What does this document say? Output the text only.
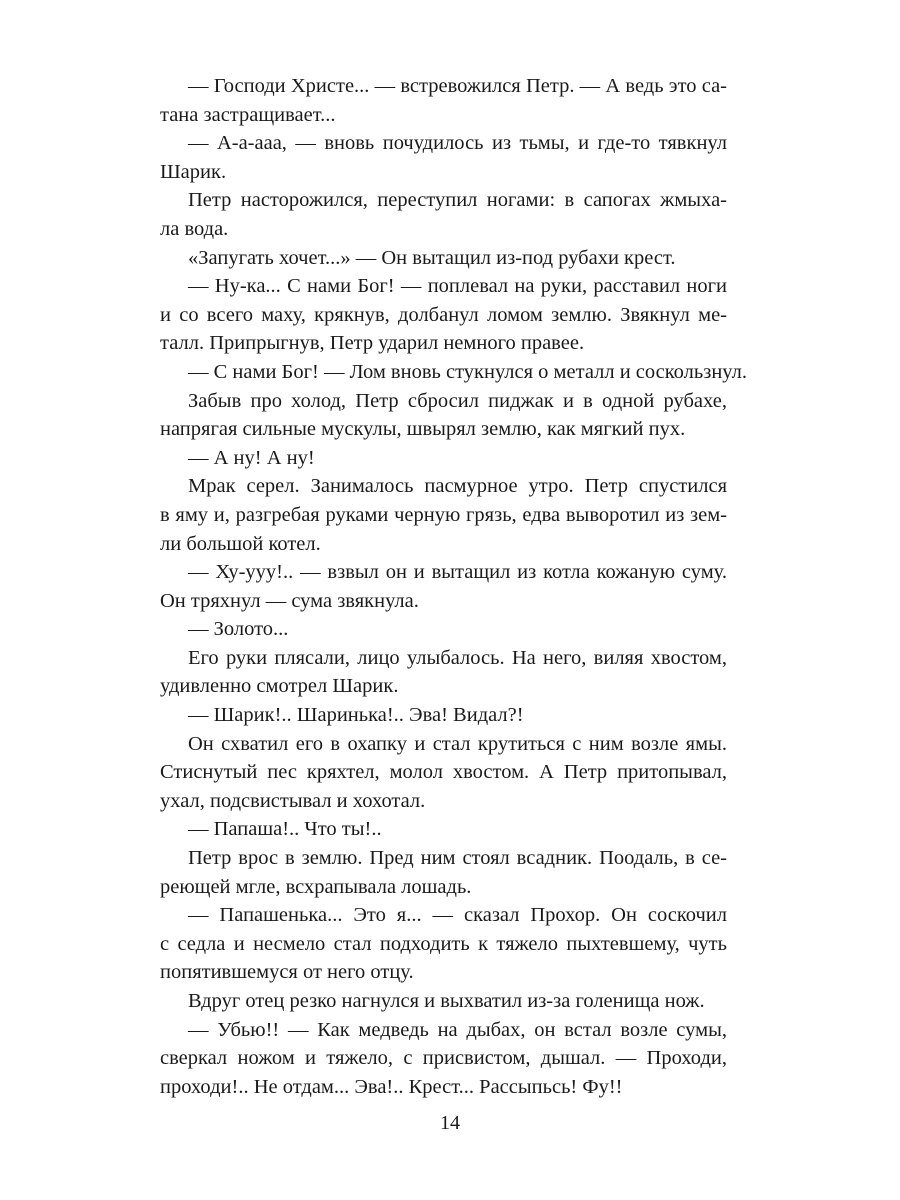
— Господи Христе... — встревожился Петр. — А ведь это са-
тана застращивает...

— А-а-ааа, — вновь почудилось из тьмы, и где-то тявкнул
Шарик.

Петр насторожился, переступил ногами: в сапогах жмыха-
ла вода.

«Запугать хочет...» — Он вытащил из-под рубахи крест.

— Ну-ка... С нами Бог! — поплевал на руки, расставил ноги
и со всего маху, крякнув, долбанул ломом землю. Звякнул ме-
талл. Припрыгнув, Петр ударил немного правее.

— С нами Бог! — Лом вновь стукнулся о металл и соскользнул.

Забыв про холод, Петр сбросил пиджак и в одной рубахе,
напрягая сильные мускулы, швырял землю, как мягкий пух.

— А ну! А ну!

Мрак серел. Занималось пасмурное утро. Петр спустился
в яму и, разгребая руками черную грязь, едва выворотил из зем-
ли большой котел.

— Ху-ууу!.. — взвыл он и вытащил из котла кожаную суму.
Он тряхнул — сума звякнула.

— Золото...

Его руки плясали, лицо улыбалось. На него, виляя хвостом,
удивленно смотрел Шарик.

— Шарик!.. Шаринька!.. Эва! Видал?!

Он схватил его в охапку и стал крутиться с ним возле ямы.
Стиснутый пес кряхтел, молол хвостом. А Петр притопывал,
ухал, подсвистывал и хохотал.

— Папаша!.. Что ты!..

Петр врос в землю. Пред ним стоял всадник. Поодаль, в се-
реющей мгле, всхрапывала лошадь.

— Папашенька... Это я... — сказал Прохор. Он соскочил
с седла и несмело стал подходить к тяжело пыхтевшему, чуть
попятившемуся от него отцу.

Вдруг отец резко нагнулся и выхватил из-за голенища нож.

— Убью!! — Как медведь на дыбах, он встал возле сумы,
сверкал ножом и тяжело, с присвистом, дышал. — Проходи,
проходи!.. Не отдам... Эва!.. Крест... Рассыпьсь! Фу!!

14
